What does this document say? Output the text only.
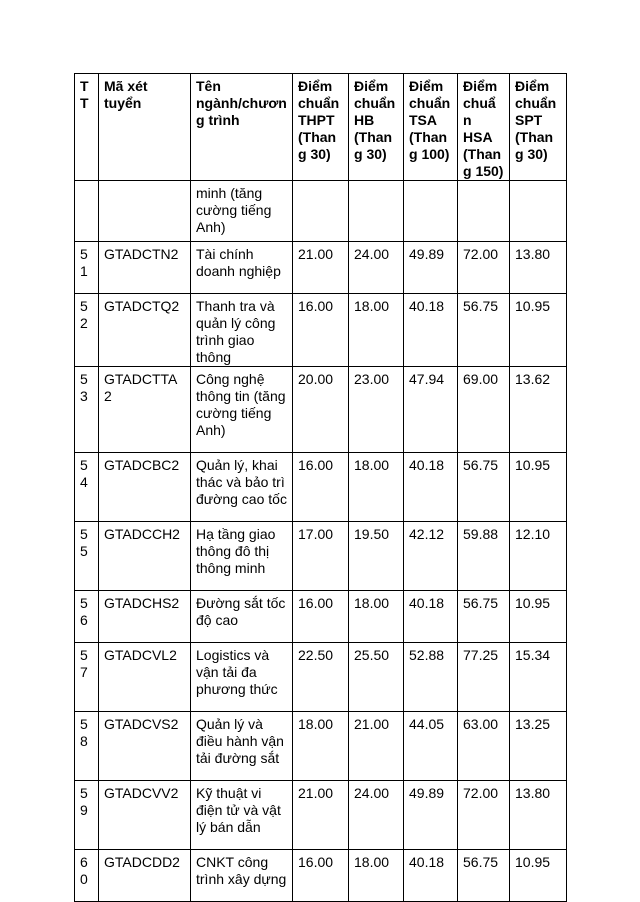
TT	Mã xét tuyển	Tên ngành/chương trình	Điểm chuẩn THPT (Thang 30)	Điểm chuẩn HB (Thang 30)	Điểm chuẩn TSA (Thang 100)	Điểm chuẩn HSA (Thang 150)	Điểm chuẩn SPT (Thang 30)
		minh (tăng cường tiếng Anh)					
51	GTADCTN2	Tài chính doanh nghiệp	21.00	24.00	49.89	72.00	13.80
52	GTADCTQ2	Thanh tra và quản lý công trình giao thông	16.00	18.00	40.18	56.75	10.95
53	GTADCTTA2	Công nghệ thông tin (tăng cường tiếng Anh)	20.00	23.00	47.94	69.00	13.62
54	GTADCBC2	Quản lý, khai thác và bảo trì đường cao tốc	16.00	18.00	40.18	56.75	10.95
55	GTADCCH2	Hạ tầng giao thông đô thị thông minh	17.00	19.50	42.12	59.88	12.10
56	GTADCHS2	Đường sắt tốc độ cao	16.00	18.00	40.18	56.75	10.95
57	GTADCVL2	Logistics và vận tải đa phương thức	22.50	25.50	52.88	77.25	15.34
58	GTADCVS2	Quản lý và điều hành vận tải đường sắt	18.00	21.00	44.05	63.00	13.25
59	GTADCVV2	Kỹ thuật vi điện tử và vật lý bán dẫn	21.00	24.00	49.89	72.00	13.80
60	GTADCDD2	CNKT công trình xây dựng	16.00	18.00	40.18	56.75	10.95
